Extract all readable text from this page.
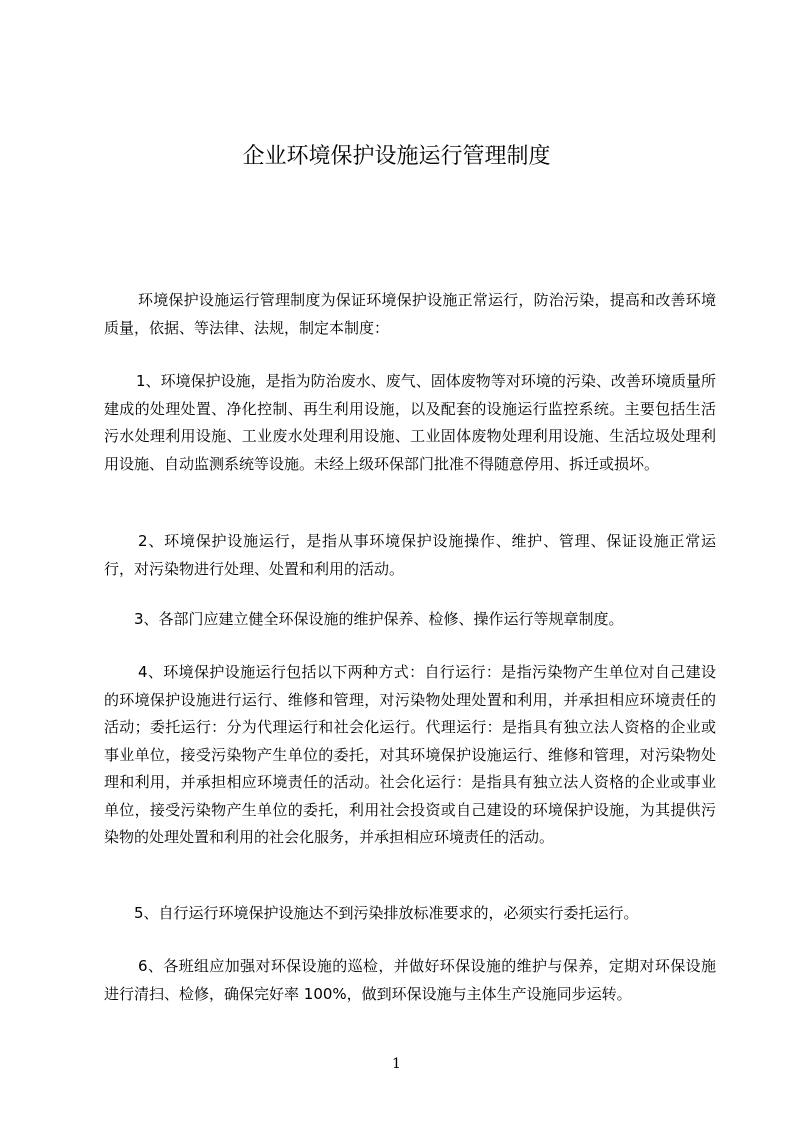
企业环境保护设施运行管理制度

环境保护设施运行管理制度为保证环境保护设施正常运行，防治污染，提高和改善环境质量，依据、等法律、法规，制定本制度：

1、环境保护设施，是指为防治废水、废气、固体废物等对环境的污染、改善环境质量所建成的处理处置、净化控制、再生利用设施，以及配套的设施运行监控系统。主要包括生活污水处理利用设施、工业废水处理利用设施、工业固体废物处理利用设施、生活垃圾处理利用设施、自动监测系统等设施。未经上级环保部门批准不得随意停用、拆迁或损坏。

2、环境保护设施运行，是指从事环境保护设施操作、维护、管理、保证设施正常运行，对污染物进行处理、处置和利用的活动。

3、各部门应建立健全环保设施的维护保养、检修、操作运行等规章制度。

4、环境保护设施运行包括以下两种方式：自行运行：是指污染物产生单位对自己建设的环境保护设施进行运行、维修和管理，对污染物处理处置和利用，并承担相应环境责任的活动；委托运行：分为代理运行和社会化运行。代理运行：是指具有独立法人资格的企业或事业单位，接受污染物产生单位的委托，对其环境保护设施运行、维修和管理，对污染物处理和利用，并承担相应环境责任的活动。社会化运行：是指具有独立法人资格的企业或事业单位，接受污染物产生单位的委托，利用社会投资或自己建设的环境保护设施，为其提供污染物的处理处置和利用的社会化服务，并承担相应环境责任的活动。

5、自行运行环境保护设施达不到污染排放标准要求的，必须实行委托运行。

6、各班组应加强对环保设施的巡检，并做好环保设施的维护与保养，定期对环保设施进行清扫、检修，确保完好率 100%，做到环保设施与主体生产设施同步运转。

1
